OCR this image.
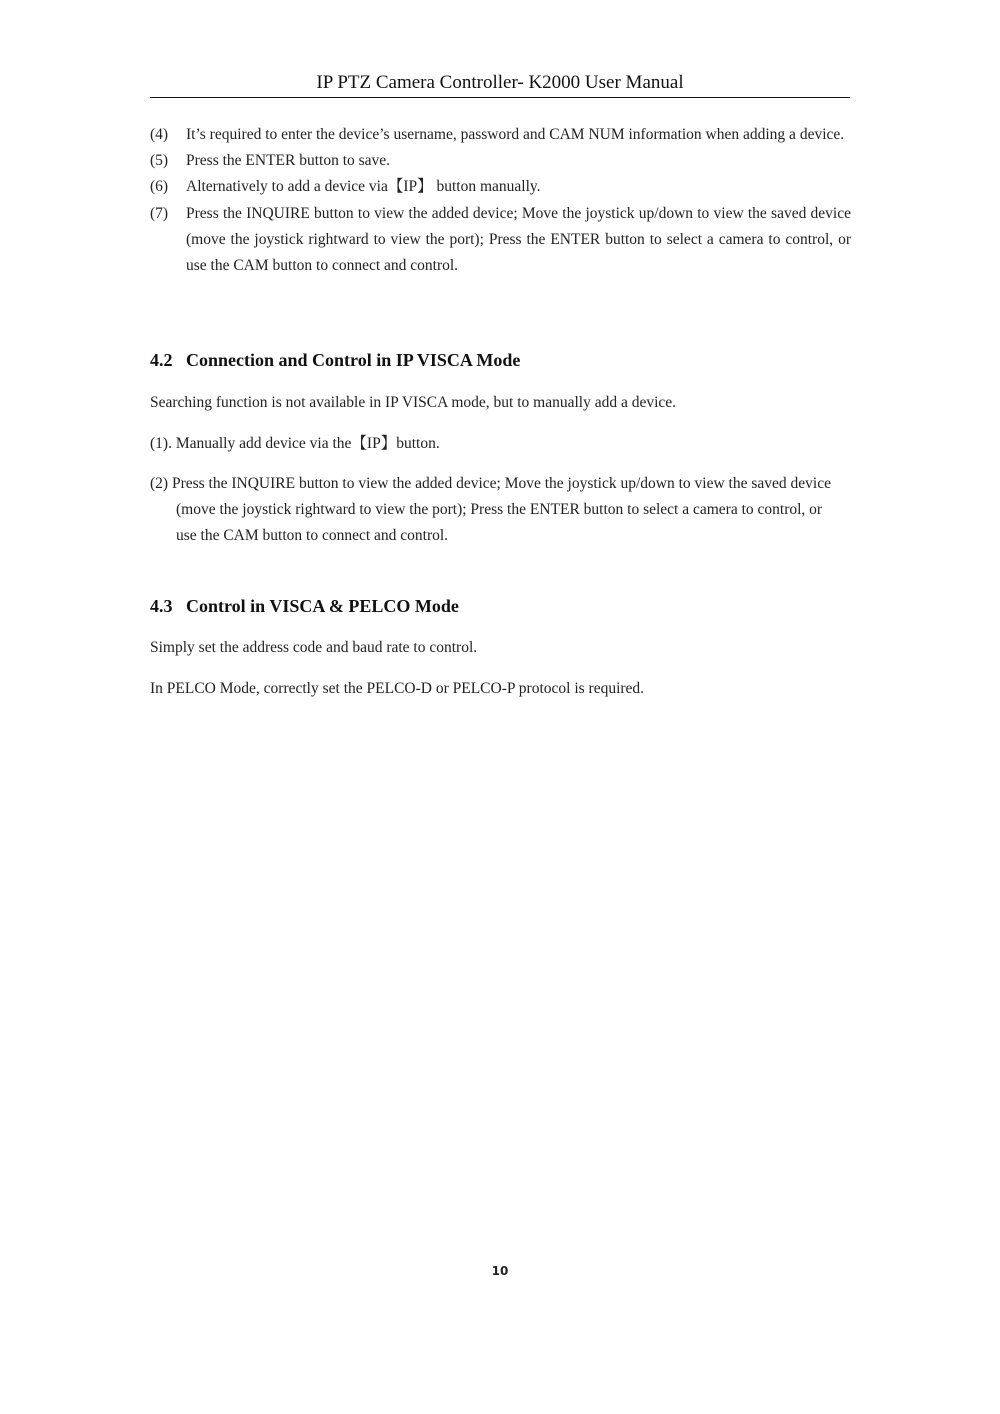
IP PTZ Camera Controller- K2000 User Manual
(4) It’s required to enter the device’s username, password and CAM NUM information when adding a device.
(5) Press the ENTER button to save.
(6) Alternatively to add a device via【IP】 button manually.
(7) Press the INQUIRE button to view the added device; Move the joystick up/down to view the saved device (move the joystick rightward to view the port); Press the ENTER button to select a camera to control, or use the CAM button to connect and control.
4.2 Connection and Control in IP VISCA Mode

Searching function is not available in IP VISCA mode, but to manually add a device.

(1). Manually add device via the【IP】button.

(2) Press the INQUIRE button to view the added device; Move the joystick up/down to view the saved device (move the joystick rightward to view the port); Press the ENTER button to select a camera to control, or use the CAM button to connect and control.

4.3 Control in VISCA & PELCO Mode

Simply set the address code and baud rate to control.

In PELCO Mode, correctly set the PELCO-D or PELCO-P protocol is required.

10
